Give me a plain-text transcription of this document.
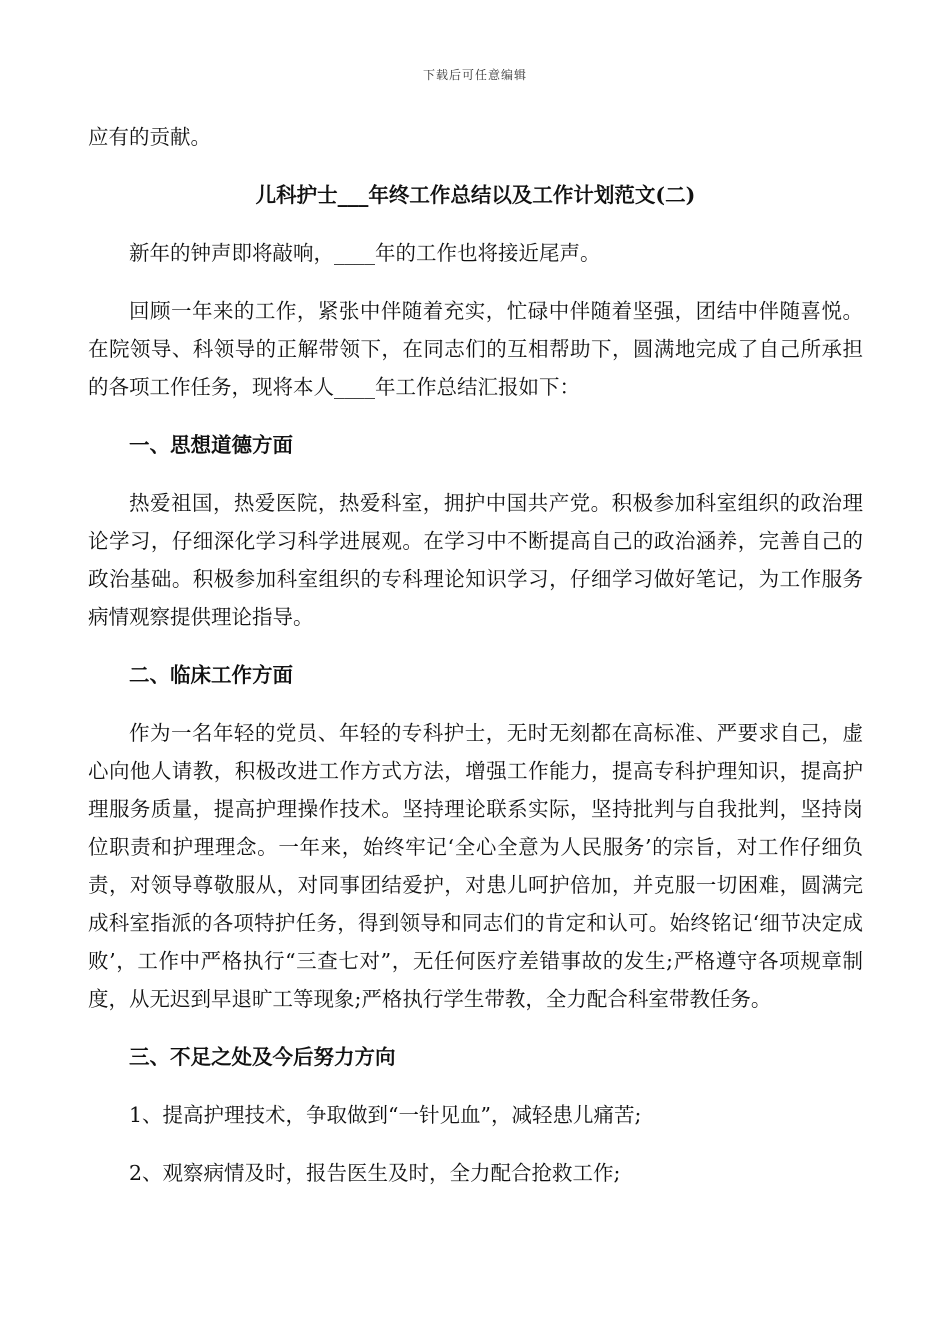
下载后可任意编辑

应有的贡献。

儿科护士___年终工作总结以及工作计划范文(二)

新年的钟声即将敲响，____年的工作也将接近尾声。

回顾一年来的工作，紧张中伴随着充实，忙碌中伴随着坚强，团结中伴随喜悦。在院领导、科领导的正解带领下，在同志们的互相帮助下，圆满地完成了自己所承担的各项工作任务，现将本人____年工作总结汇报如下：

一、思想道德方面

热爱祖国，热爱医院，热爱科室，拥护中国共产党。积极参加科室组织的政治理论学习，仔细深化学习科学进展观。在学习中不断提高自己的政治涵养，完善自己的政治基础。积极参加科室组织的专科理论知识学习，仔细学习做好笔记，为工作服务病情观察提供理论指导。

二、临床工作方面

作为一名年轻的党员、年轻的专科护士，无时无刻都在高标准、严要求自己，虚心向他人请教，积极改进工作方式方法，增强工作能力，提高专科护理知识，提高护理服务质量，提高护理操作技术。坚持理论联系实际，坚持批判与自我批判，坚持岗位职责和护理理念。一年来，始终牢记‘全心全意为人民服务’的宗旨，对工作仔细负责，对领导尊敬服从，对同事团结爱护，对患儿呵护倍加，并克服一切困难，圆满完成科室指派的各项特护任务，得到领导和同志们的肯定和认可。始终铭记‘细节决定成败’，工作中严格执行“三查七对”，无任何医疗差错事故的发生;严格遵守各项规章制度，从无迟到早退旷工等现象;严格执行学生带教，全力配合科室带教任务。

三、不足之处及今后努力方向

1、提高护理技术，争取做到“一针见血”，减轻患儿痛苦;

2、观察病情及时，报告医生及时，全力配合抢救工作;
